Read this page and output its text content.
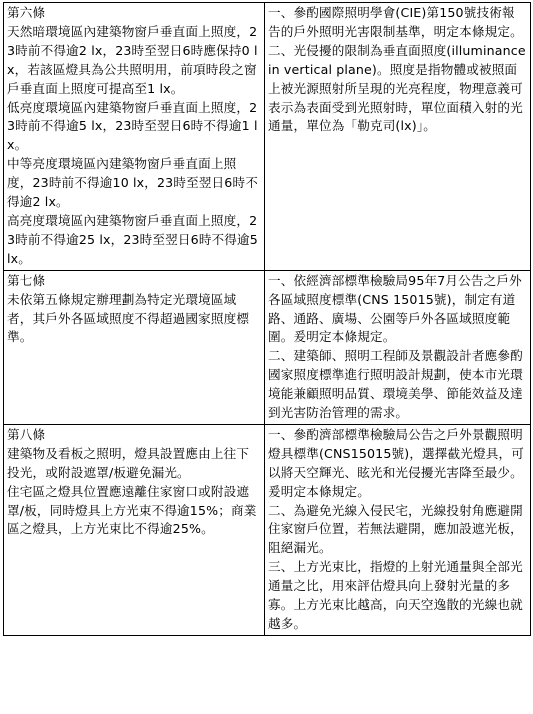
第六條
天然暗環境區內建築物窗戶垂直面上照度，23時前不得逾2 lx，23時至翌日6時應保持0 lx，若該區燈具為公共照明用，前項時段之窗戶垂直面上照度可提高至1 lx。
低亮度環境區內建築物窗戶垂直面上照度，23時前不得逾5 lx，23時至翌日6時不得逾1 lx。
中等亮度環境區內建築物窗戶垂直面上照度，23時前不得逾10 lx，23時至翌日6時不得逾2 lx。
高亮度環境區內建築物窗戶垂直面上照度，23時前不得逾25 lx，23時至翌日6時不得逾5 lx。	一、參酌國際照明學會(CIE)第150號技術報告的戶外照明光害限制基準，明定本條規定。
二、光侵擾的限制為垂直面照度(illuminance in vertical plane)。照度是指物體或被照面上被光源照射所呈現的光亮程度，物理意義可表示為表面受到光照射時，單位面積入射的光通量，單位為「勒克司(lx)」。

第七條
未依第五條規定辦理劃為特定光環境區域者，其戶外各區域照度不得超過國家照度標準。	一、依經濟部標準檢驗局95年7月公告之戶外各區域照度標準(CNS 15015號)，制定有道路、通路、廣場、公園等戶外各區域照度範圍。爰明定本條規定。
二、建築師、照明工程師及景觀設計者應參酌國家照度標準進行照明設計規劃，使本市光環境能兼顧照明品質、環境美學、節能效益及達到光害防治管理的需求。

第八條
建築物及看板之照明，燈具設置應由上往下投光，或附設遮罩/板避免漏光。
住宅區之燈具位置應遠離住家窗口或附設遮罩/板，同時燈具上方光束不得逾15%；商業區之燈具，上方光束比不得逾25%。	一、參酌濟部標準檢驗局公告之戶外景觀照明燈具標準(CNS15015號)，選擇截光燈具，可以將天空輝光、眩光和光侵擾光害降至最少。爰明定本條規定。
二、為避免光線入侵民宅，光線投射角應避開住家窗戶位置，若無法避開，應加設遮光板，阻絕漏光。
三、上方光束比，指燈的上射光通量與全部光通量之比，用來評估燈具向上發射光量的多寡。上方光束比越高，向天空逸散的光線也就越多。
